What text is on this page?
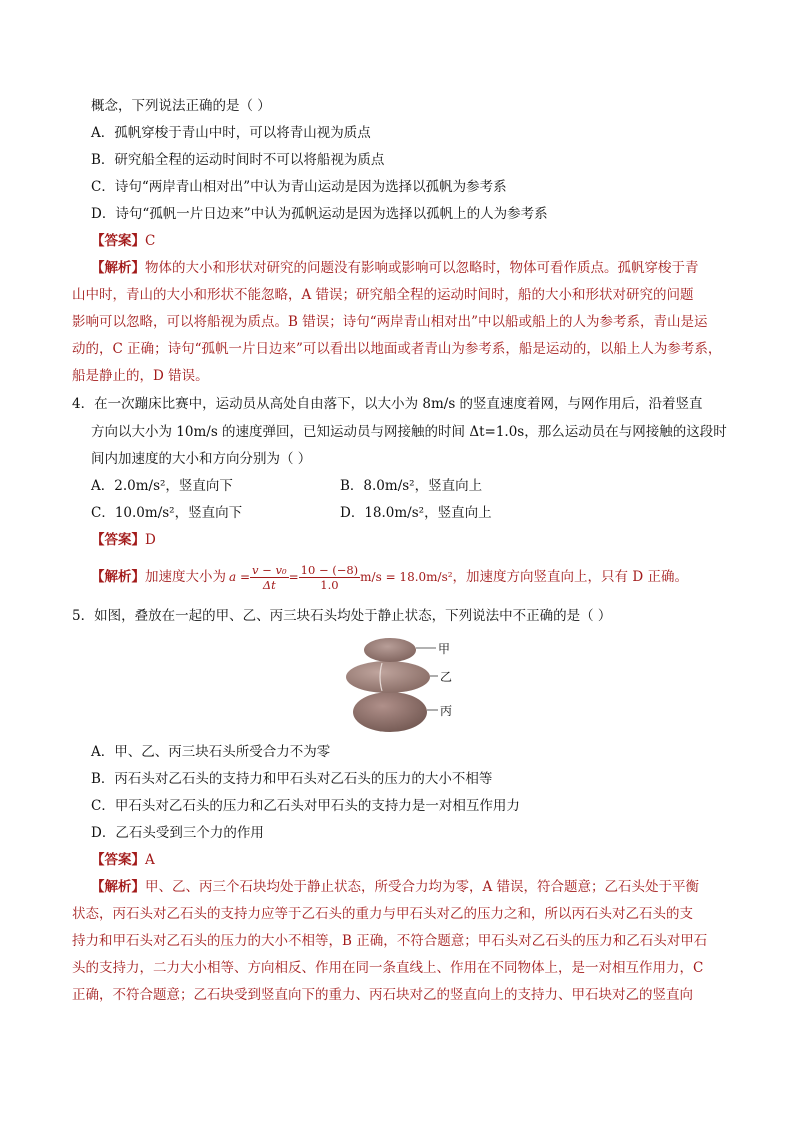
概念，下列说法正确的是（ ）
A．孤帆穿梭于青山中时，可以将青山视为质点
B．研究船全程的运动时间时不可以将船视为质点
C．诗句“两岸青山相对出”中认为青山运动是因为选择以孤帆为参考系
D．诗句“孤帆一片日边来”中认为孤帆运动是因为选择以孤帆上的人为参考系
【答案】C
【解析】物体的大小和形状对研究的问题没有影响或影响可以忽略时，物体可看作质点。孤帆穿梭于青
山中时，青山的大小和形状不能忽略，A 错误；研究船全程的运动时间时，船的大小和形状对研究的问题
影响可以忽略，可以将船视为质点。B 错误；诗句“两岸青山相对出”中以船或船上的人为参考系，青山是运
动的，C 正确；诗句“孤帆一片日边来”可以看出以地面或者青山为参考系，船是运动的，以船上人为参考系，
船是静止的，D 错误。
4．在一次蹦床比赛中，运动员从高处自由落下，以大小为 8m/s 的竖直速度着网，与网作用后，沿着竖直
方向以大小为 10m/s 的速度弹回，已知运动员与网接触的时间 Δt=1.0s，那么运动员在与网接触的这段时
间内加速度的大小和方向分别为（ ）
A．2.0m/s²，竖直向下	B．8.0m/s²，竖直向上
C．10.0m/s²，竖直向下	D．18.0m/s²，竖直向上
【答案】D
【解析】 加速度大小为 $a = \frac{\text{v − v₀}}{\Delta t} = \frac{10 - (-8)}{1.0} m/s = 18.0m/s^2$ ，加速度方向竖直向上，只有 D 正确。
5．如图，叠放在一起的甲、乙、丙三块石头均处于静止状态，下列说法中不正确的是（ ）
甲
乙
丙
A．甲、乙、丙三块石头所受合力不为零
B．丙石头对乙石头的支持力和甲石头对乙石头的压力的大小不相等
C．甲石头对乙石头的压力和乙石头对甲石头的支持力是一对相互作用力
D．乙石头受到三个力的作用
【答案】A
【解析】甲、乙、丙三个石块均处于静止状态，所受合力均为零，A 错误，符合题意；乙石头处于平衡
状态，丙石头对乙石头的支持力应等于乙石头的重力与甲石头对乙的压力之和，所以丙石头对乙石头的支
持力和甲石头对乙石头的压力的大小不相等，B 正确，不符合题意；甲石头对乙石头的压力和乙石头对甲石
头的支持力，二力大小相等、方向相反、作用在同一条直线上、作用在不同物体上，是一对相互作用力，C
正确，不符合题意；乙石块受到竖直向下的重力、丙石块对乙的竖直向上的支持力、甲石块对乙的竖直向
